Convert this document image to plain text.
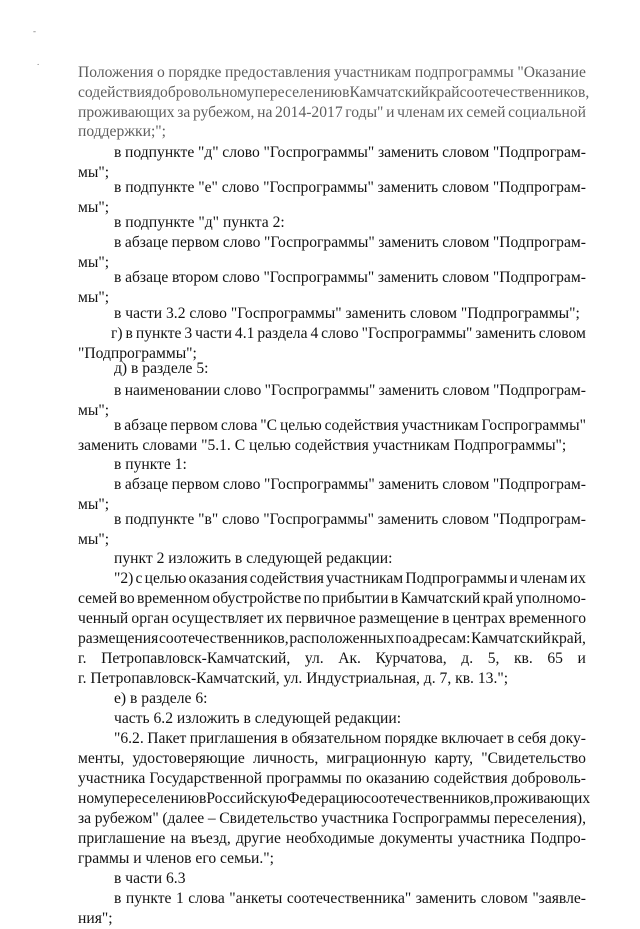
-
.
Положения о порядке предоставления участникам подпрограммы "Оказание
содействия добровольному переселению в Камчатский край соотечественников,
проживающих за рубежом, на 2014-2017 годы" и членам их семей социальной
поддержки;";
в подпункте "д" слово "Госпрограммы" заменить словом "Подпрограм-
мы";
в подпункте "е" слово "Госпрограммы" заменить словом "Подпрограм-
мы";
в подпункте "д" пункта 2:
в абзаце первом слово "Госпрограммы" заменить словом "Подпрограм-
мы";
в абзаце втором слово "Госпрограммы" заменить словом "Подпрограм-
мы";
в части 3.2 слово "Госпрограммы" заменить словом "Подпрограммы";
г) в пункте 3 части 4.1 раздела 4 слово "Госпрограммы" заменить словом
"Подпрограммы";
д) в разделе 5:
в наименовании слово "Госпрограммы" заменить словом "Подпрограм-
мы";
в абзаце первом слова "С целью содействия участникам Госпрограммы"
заменить словами "5.1. С целью содействия участникам Подпрограммы";
в пункте 1:
в абзаце первом слово "Госпрограммы" заменить словом "Подпрограм-
мы";
в подпункте "в" слово "Госпрограммы" заменить словом "Подпрограм-
мы";
пункт 2 изложить в следующей редакции:
"2) с целью оказания содействия участникам Подпрограммы и членам их
семей во временном обустройстве по прибытии в Камчатский край уполномо-
ченный орган осуществляет их первичное размещение в центрах временного
размещения соотечественников, расположенных по адресам: Камчатский край,
г. Петропавловск-Камчатский, ул. Ак. Курчатова, д. 5, кв. 65 и
г. Петропавловск-Камчатский, ул. Индустриальная, д. 7, кв. 13.";
е) в разделе 6:
часть 6.2 изложить в следующей редакции:
"6.2. Пакет приглашения в обязательном порядке включает в себя доку-
менты, удостоверяющие личность, миграционную карту, "Свидетельство
участника Государственной программы по оказанию содействия доброволь-
ному переселению в Российскую Федерацию соотечественников, проживающих
за рубежом" (далее – Свидетельство участника Госпрограммы переселения),
приглашение на въезд, другие необходимые документы участника Подпро-
граммы и членов его семьи.";
в части 6.3
в пункте 1 слова "анкеты соотечественника" заменить словом "заявле-
ния";
